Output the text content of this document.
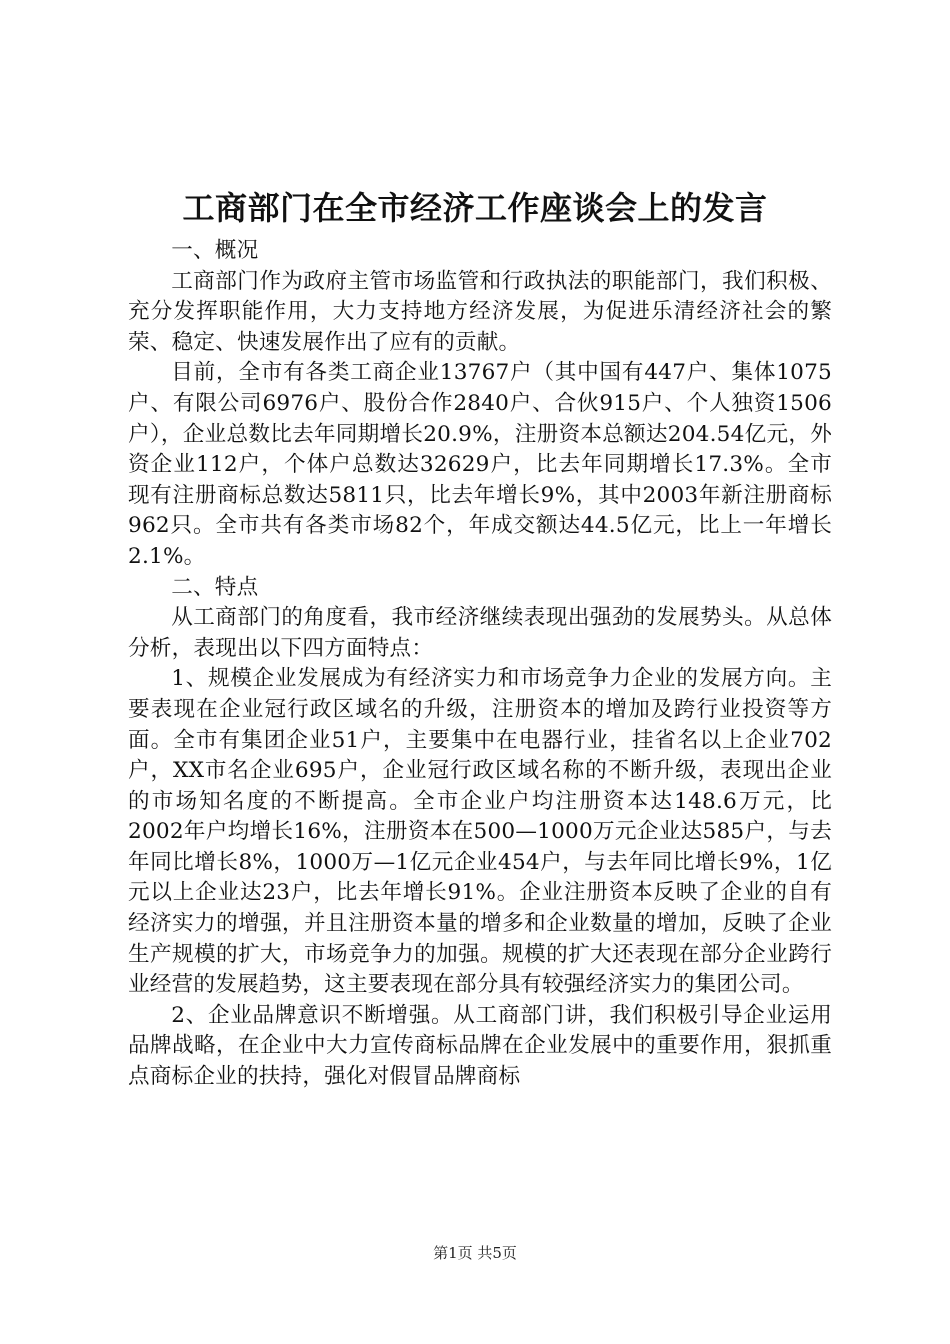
工商部门在全市经济工作座谈会上的发言

一、概况

工商部门作为政府主管市场监管和行政执法的职能部门，我们积极、充分发挥职能作用，大力支持地方经济发展，为促进乐清经济社会的繁荣、稳定、快速发展作出了应有的贡献。

目前，全市有各类工商企业13767户（其中国有447户、集体1075户、有限公司6976户、股份合作2840户、合伙915户、个人独资1506户），企业总数比去年同期增长20.9%，注册资本总额达204.54亿元，外资企业112户，个体户总数达32629户，比去年同期增长17.3%。全市现有注册商标总数达5811只，比去年增长9%，其中2003年新注册商标962只。全市共有各类市场82个，年成交额达44.5亿元，比上一年增长2.1%。

二、特点

从工商部门的角度看，我市经济继续表现出强劲的发展势头。从总体分析，表现出以下四方面特点：

1、规模企业发展成为有经济实力和市场竞争力企业的发展方向。主要表现在企业冠行政区域名的升级，注册资本的增加及跨行业投资等方面。全市有集团企业51户，主要集中在电器行业，挂省名以上企业702户，XX市名企业695户，企业冠行政区域名称的不断升级，表现出企业的市场知名度的不断提高。全市企业户均注册资本达148.6万元，比2002年户均增长16%，注册资本在500—1000万元企业达585户，与去年同比增长8%，1000万—1亿元企业454户，与去年同比增长9%，1亿元以上企业达23户，比去年增长91%。企业注册资本反映了企业的自有经济实力的增强，并且注册资本量的增多和企业数量的增加，反映了企业生产规模的扩大，市场竞争力的加强。规模的扩大还表现在部分企业跨行业经营的发展趋势，这主要表现在部分具有较强经济实力的集团公司。

2、企业品牌意识不断增强。从工商部门讲，我们积极引导企业运用品牌战略，在企业中大力宣传商标品牌在企业发展中的重要作用，狠抓重点商标企业的扶持，强化对假冒品牌商标

第1页 共5页
